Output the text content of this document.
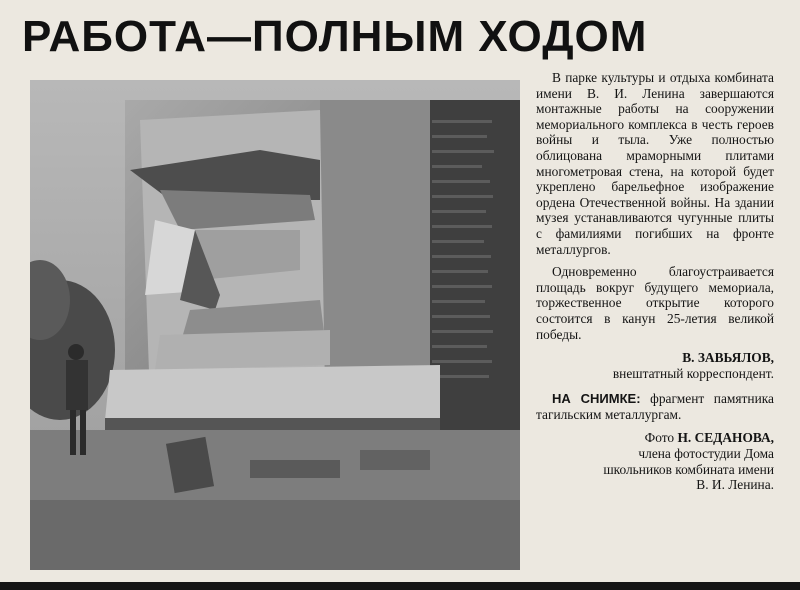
РАБОТА—ПОЛНЫМ ХОДОМ

В парке культуры и отдыха комбината имени В. И. Ленина завершаются монтажные работы на сооружении мемориального комплекса в честь героев войны и тыла. Уже полностью облицована мраморными плитами многометровая стена, на которой будет укреплено барельефное изображение ордена Отечественной войны. На здании музея устанавливаются чугунные плиты с фамилиями погибших на фронте металлургов.

Одновременно благоустраивается площадь вокруг будущего мемориала, торжественное открытие которого состоится в канун 25-летия великой победы.

В. ЗАВЬЯЛОВ,
внештатный корреспондент.
НА СНИМКЕ: фрагмент памятника тагильским металлургам.
Фото Н. СЕДАНОВА,
члена фотостудии Дома
школьников комбината имени
В. И. Ленина.
